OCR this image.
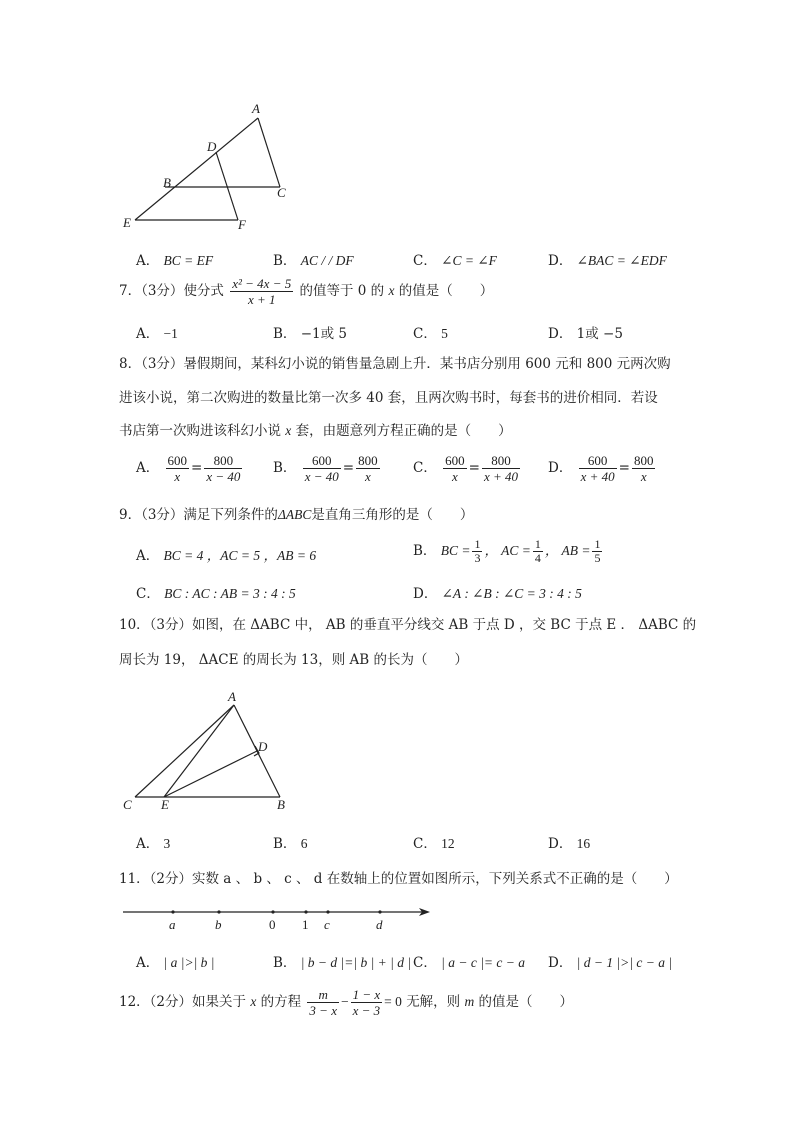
A
D
B
C
E	F
A． BC = EF	B． AC / / DF	C． ∠C = ∠F	D． ∠BAC = ∠EDF
7．（3分）使分式 $\frac{\text{x² − 4x − 5}}{x + 1}$ 的值等于 0 的 x 的值是（　　）
A． −1	B． −1或 5	C． 5	D． 1或 −5
8．（3分）暑假期间，某科幻小说的销售量急剧上升．某书店分别用 600 元和 800 元两次购
进该小说，第二次购进的数量比第一次多 40 套，且两次购书时，每套书的进价相同．若设
书店第一次购进该科幻小说 x 套，由题意列方程正确的是（　　）
A． $\frac{600}{x} = \frac{800}{x - 40}$ B． $\frac{600}{x - 40} = \frac{800}{x}$ C． $\frac{600}{x} = \frac{800}{x + 40}$ D． $\frac{600}{x + 40} = \frac{800}{x}$
9．（3分）满足下列条件的ΔABC是直角三角形的是（　　）
A． BC = 4 ，AC = 5 ，AB = 6	B． BC = $\frac{1}{3}$ ， AC = $\frac{1}{4}$ ， AB = $\frac{1}{5}$
C． BC : AC : AB = 3 : 4 : 5	D． ∠A : ∠B : ∠C = 3 : 4 : 5
10．（3分）如图，在 ΔABC 中， AB 的垂直平分线交 AB 于点 D ，交 BC 于点 E ． ΔABC 的
周长为 19， ΔACE 的周长为 13，则 AB 的长为（　　）
A
D
C E	B
A． 3	B． 6	C． 12	D． 16
11．（2分）实数 a 、 b 、 c 、 d 在数轴上的位置如图所示，下列关系式不正确的是（　　）
a	b	0 1 c	d
A． | a |>| b |	B． | b − d |=| b | + | d | C． | a − c |= c − a D． | d − 1 |>| c − a |
12．（2分）如果关于 x 的方程 $\frac{m}{3 - x} - \frac{1 - x}{x - 3} = 0$ 无解，则 m 的值是（　　）
